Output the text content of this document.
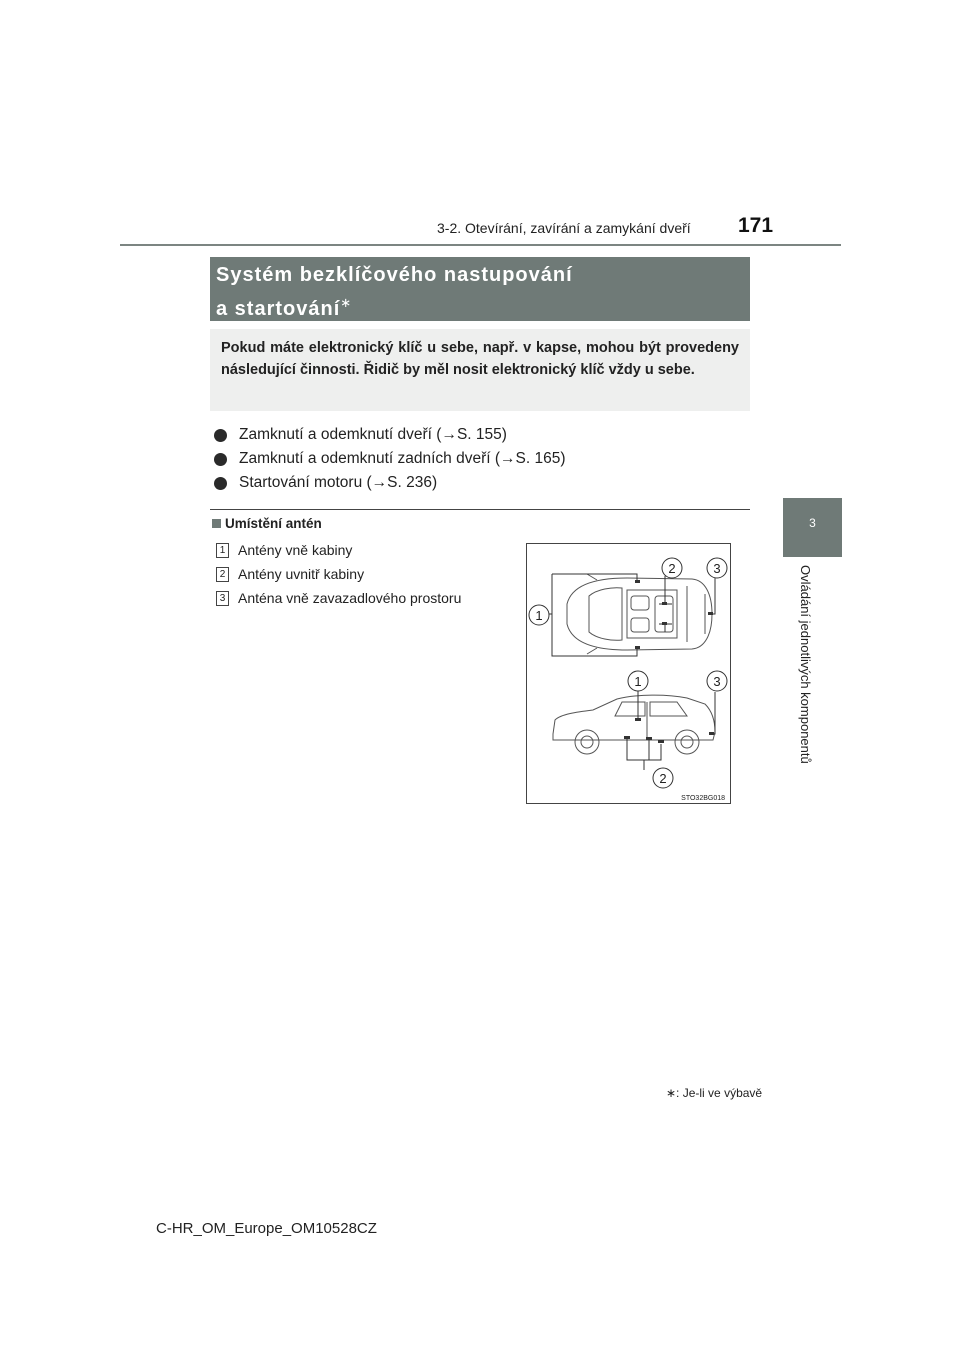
3-2. Otevírání, zavírání a zamykání dveří 171
3
Ovládání jednotlivých komponentů
Systém bezklíčového nastupování
a startování∗
Pokud máte elektronický klíč u sebe, např. v kapse, mohou být provedeny následující činnosti. Řidič by měl nosit elektronický klíč vždy u sebe.
Zamknutí a odemknutí dveří (→S. 155)
Zamknutí a odemknutí zadních dveří (→S. 165)
Startování motoru (→S. 236)
Umístění antén
1 Antény vně kabiny
2 Antény uvnitř kabiny
3 Anténa vně zavazadlového prostoru
2	3
1
1	3
2
STO32BG018
∗: Je-li ve výbavě
C-HR_OM_Europe_OM10528CZ
